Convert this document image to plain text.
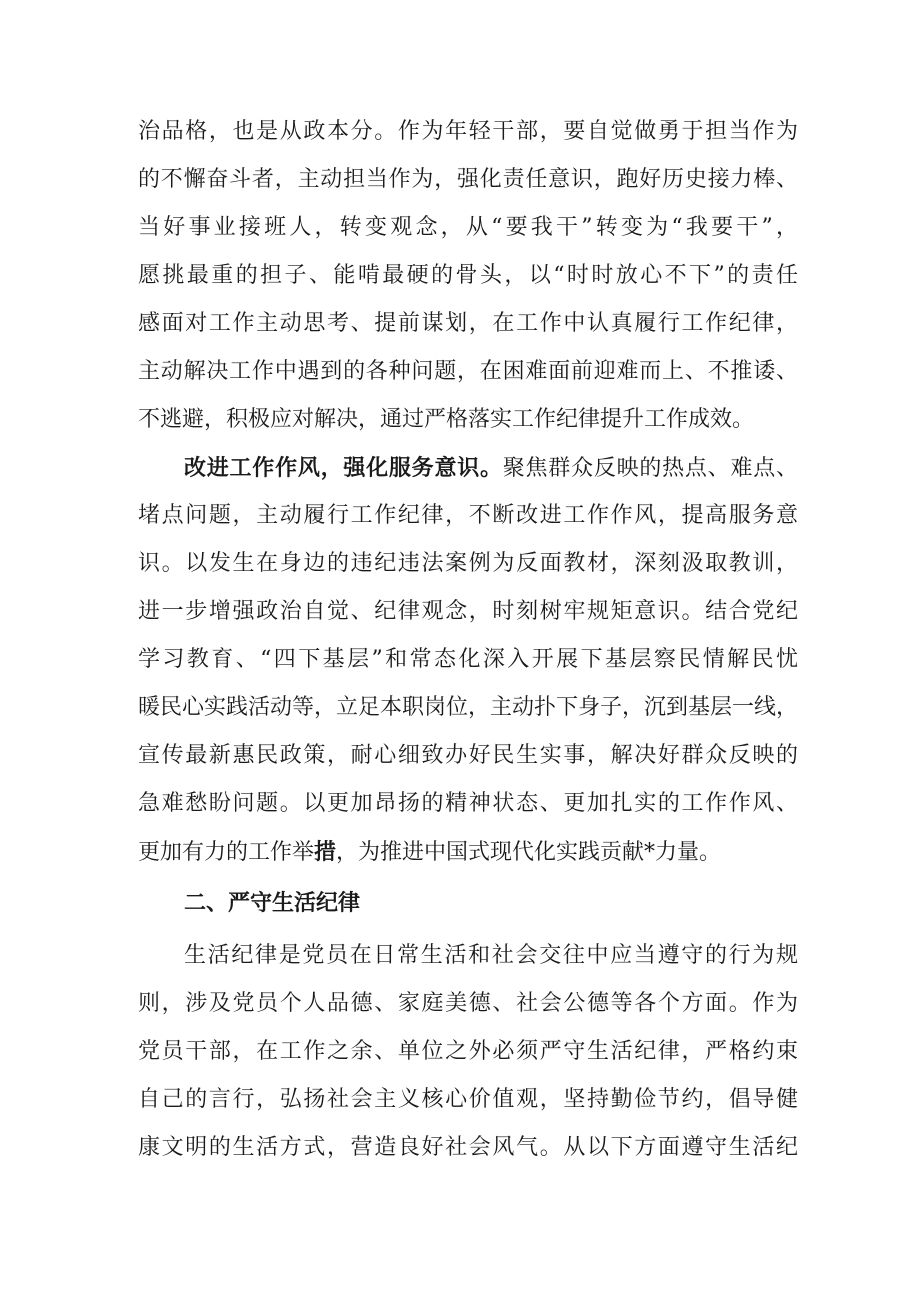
治品格，也是从政本分。作为年轻干部，要自觉做勇于担当作为
的不懈奋斗者，主动担当作为，强化责任意识，跑好历史接力棒、
当好事业接班人，转变观念，从“要我干”转变为“我要干”，
愿挑最重的担子、能啃最硬的骨头，以“时时放心不下”的责任
感面对工作主动思考、提前谋划，在工作中认真履行工作纪律，
主动解决工作中遇到的各种问题，在困难面前迎难而上、不推诿、
不逃避，积极应对解决，通过严格落实工作纪律提升工作成效。
改进工作作风，强化服务意识。聚焦群众反映的热点、难点、
堵点问题，主动履行工作纪律，不断改进工作作风，提高服务意
识。以发生在身边的违纪违法案例为反面教材，深刻汲取教训，
进一步增强政治自觉、纪律观念，时刻树牢规矩意识。结合党纪
学习教育、“四下基层”和常态化深入开展下基层察民情解民忧
暖民心实践活动等，立足本职岗位，主动扑下身子，沉到基层一线，
宣传最新惠民政策，耐心细致办好民生实事，解决好群众反映的
急难愁盼问题。以更加昂扬的精神状态、更加扎实的工作作风、
更加有力的工作举措，为推进中国式现代化实践贡献*力量。
二、严守生活纪律
生活纪律是党员在日常生活和社会交往中应当遵守的行为规
则，涉及党员个人品德、家庭美德、社会公德等各个方面。作为
党员干部，在工作之余、单位之外必须严守生活纪律，严格约束
自己的言行，弘扬社会主义核心价值观，坚持勤俭节约，倡导健
康文明的生活方式，营造良好社会风气。从以下方面遵守生活纪
